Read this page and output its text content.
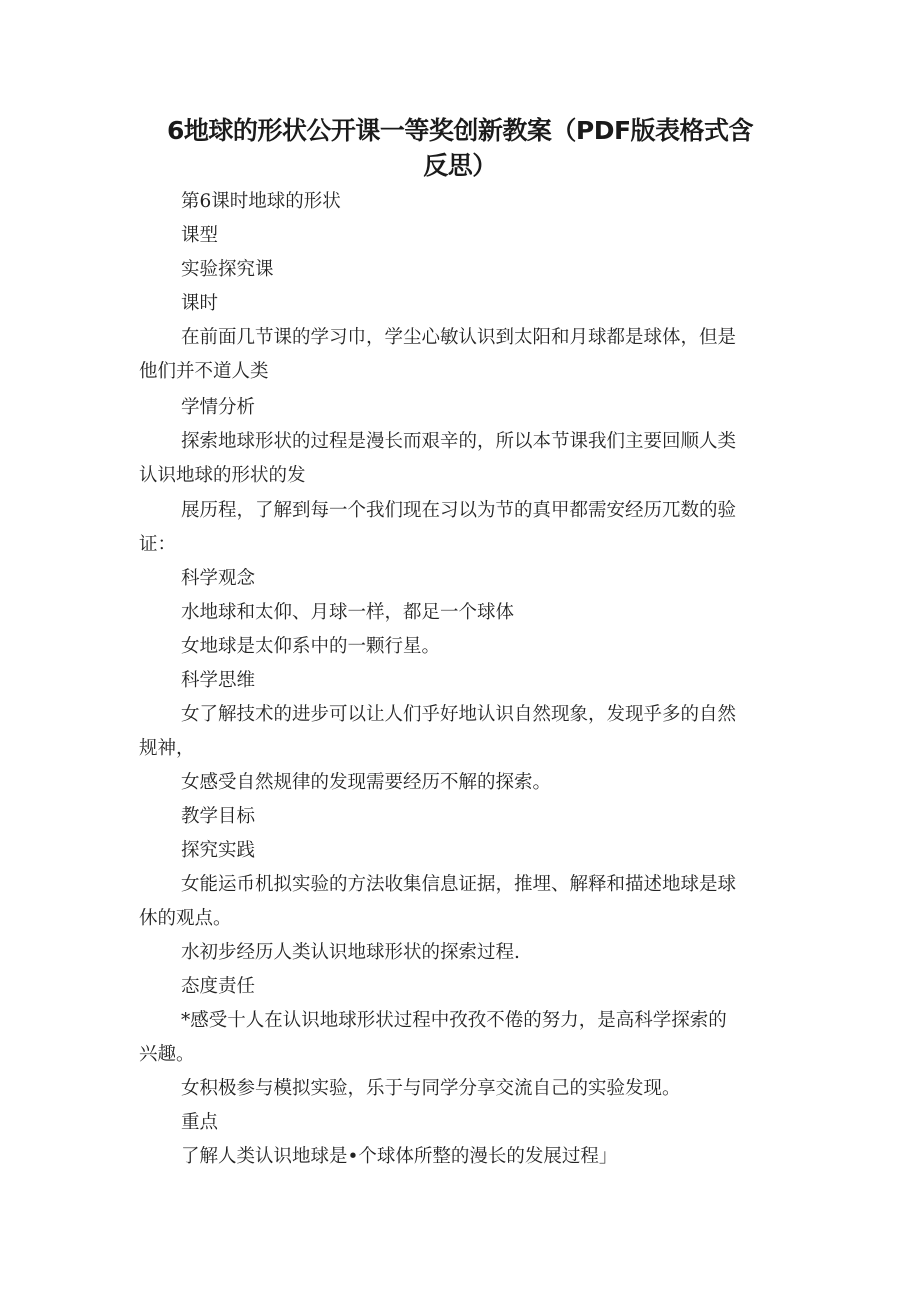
6地球的形状公开课一等奖创新教案（PDF版表格式含
反思）
第6课时地球的形状
课型
实验探究课
课时
在前面几节课的学习巾，学尘心敏认识到太阳和月球都是球体，但是
他们并不道人类
学情分析
探索地球形状的过程是漫长而艰辛的，所以本节课我们主要回顺人类
认识地球的形状的发
展历程，了解到每一个我们现在习以为节的真甲都需安经历兀数的验
证：
科学观念
水地球和太仰、月球一样，都足一个球体
女地球是太仰系中的一颗行星。
科学思维
女了解技术的进步可以让人们乎好地认识自然现象，发现乎多的自然
规神，
女感受自然规律的发现需要经历不解的探索。
教学目标
探究实践
女能运币机拟实验的方法收集信息证据，推埋、解释和描述地球是球
休的观点。
水初步经历人类认识地球形状的探索过程.
态度责任
*感受十人在认识地球形状过程中孜孜不倦的努力，是高科学探索的
兴趣。
女积极参与模拟实验，乐于与同学分享交流自己的实验发现。
重点
了解人类认识地球是•个球体所整的漫长的发展过程」
